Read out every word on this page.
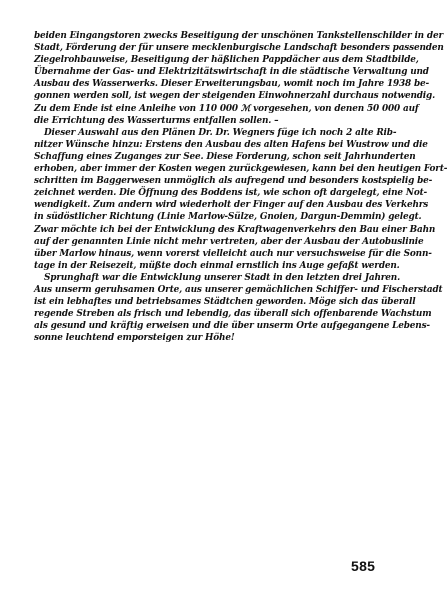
beiden Eingangstoren zwecks Beseitigung der unschönen Tankstellenschilder in der
Stadt, Förderung der für unsere mecklenburgische Landschaft besonders passenden
Ziegelrohbauweise, Beseitigung der häßlichen Pappdächer aus dem Stadtbilde,
Übernahme der Gas- und Elektrizitätswirtschaft in die städtische Verwaltung und
Ausbau des Wasserwerks. Dieser Erweiterungsbau, womit noch im Jahre 1938 be-
gonnen werden soll, ist wegen der steigenden Einwohnerzahl durchaus notwendig.
Zu dem Ende ist eine Anleihe von 110 000 ℳ vorgesehen, von denen 50 000 auf
die Errichtung des Wasserturms entfallen sollen. –
Dieser Auswahl aus den Plänen Dr. Dr. Wegners füge ich noch 2 alte Rib-
nitzer Wünsche hinzu: Erstens den Ausbau des alten Hafens bei Wustrow und die
Schaffung eines Zuganges zur See. Diese Forderung, schon seit Jahrhunderten
erhoben, aber immer der Kosten wegen zurückgewiesen, kann bei den heutigen Fort-
schritten im Baggerwesen unmöglich als aufregend und besonders kostspielig be-
zeichnet werden. Die Öffnung des Boddens ist, wie schon oft dargelegt, eine Not-
wendigkeit. Zum andern wird wiederholt der Finger auf den Ausbau des Verkehrs
in südöstlicher Richtung (Linie Marlow-Sülze, Gnoien, Dargun-Demmin) gelegt.
Zwar möchte ich bei der Entwicklung des Kraftwagenverkehrs den Bau einer Bahn
auf der genannten Linie nicht mehr vertreten, aber der Ausbau der Autobuslinie
über Marlow hinaus, wenn vorerst vielleicht auch nur versuchsweise für die Sonn-
tage in der Reisezeit, müßte doch einmal ernstlich ins Auge gefaßt werden.
Sprunghaft war die Entwicklung unserer Stadt in den letzten drei Jahren.
Aus unserm geruhsamen Orte, aus unserer gemächlichen Schiffer- und Fischerstadt
ist ein lebhaftes und betriebsames Städtchen geworden. Möge sich das überall
regende Streben als frisch und lebendig, das überall sich offenbarende Wachstum
als gesund und kräftig erweisen und die über unserm Orte aufgegangene Lebens-
sonne leuchtend emporsteigen zur Höhe!
585
